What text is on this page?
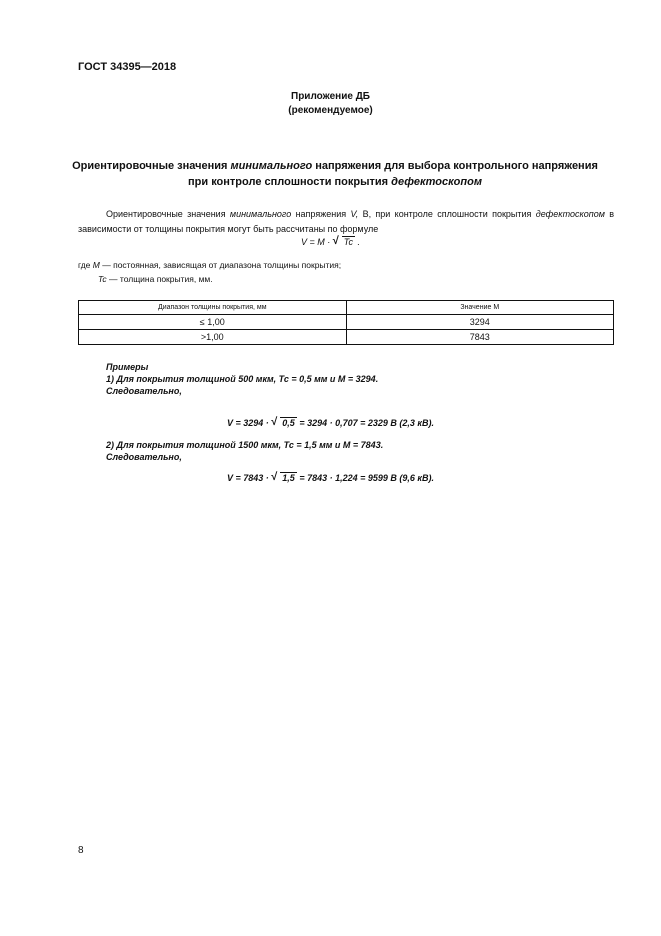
ГОСТ 34395—2018
Приложение ДБ
(рекомендуемое)
Ориентировочные значения минимального напряжения для выбора контрольного напряжения
при контроле сплошности покрытия дефектоскопом
Ориентировочные значения минимального напряжения V, В, при контроле сплошности покрытия дефектоскопом в зависимости от толщины покрытия могут быть рассчитаны по формуле
V = M · √ Tc .
где M — постоянная, зависящая от диапазона толщины покрытия;
Tc — толщина покрытия, мм.
Диапазон толщины покрытия, мм	Значение M
≤ 1,00	3294
>1,00	7843
Примеры
1) Для покрытия толщиной 500 мкм, Tc = 0,5 мм и M = 3294.
Следовательно,
V = 3294 · √ 0,5 = 3294 · 0,707 = 2329 В (2,3 кВ).
2) Для покрытия толщиной 1500 мкм, Tc = 1,5 мм и M = 7843.
Следовательно,
V = 7843 · √ 1,5 = 7843 · 1,224 = 9599 В (9,6 кВ).
8
